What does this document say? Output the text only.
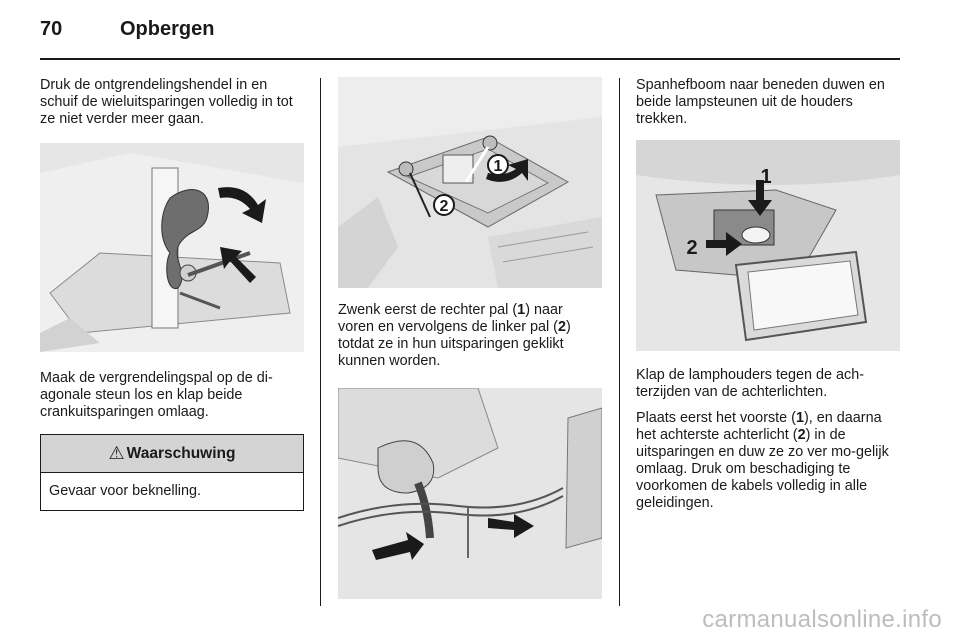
70	Opbergen

Druk de ontgrendelingshendel in en schuif de wieluitsparingen volledig in tot ze niet verder meer gaan.

Maak de vergrendelingspal op de di-agonale steun los en klap beide crankuitsparingen omlaag.

⚠ Waarschuwing
Gevaar voor beknelling.
1
2

Zwenk eerst de rechter pal (1) naar voren en vervolgens de linker pal (2) totdat ze in hun uitsparingen geklikt kunnen worden.

Spanhefboom naar beneden duwen en beide lampsteunen uit de houders trekken.

1
2

Klap de lamphouders tegen de ach-terzijden van de achterlichten.

Plaats eerst het voorste (1), en daarna het achterste achterlicht (2) in de uitsparingen en duw ze zo ver mo-gelijk omlaag. Druk om beschadiging te voorkomen de kabels volledig in alle geleidingen.

carmanualsonline.info
